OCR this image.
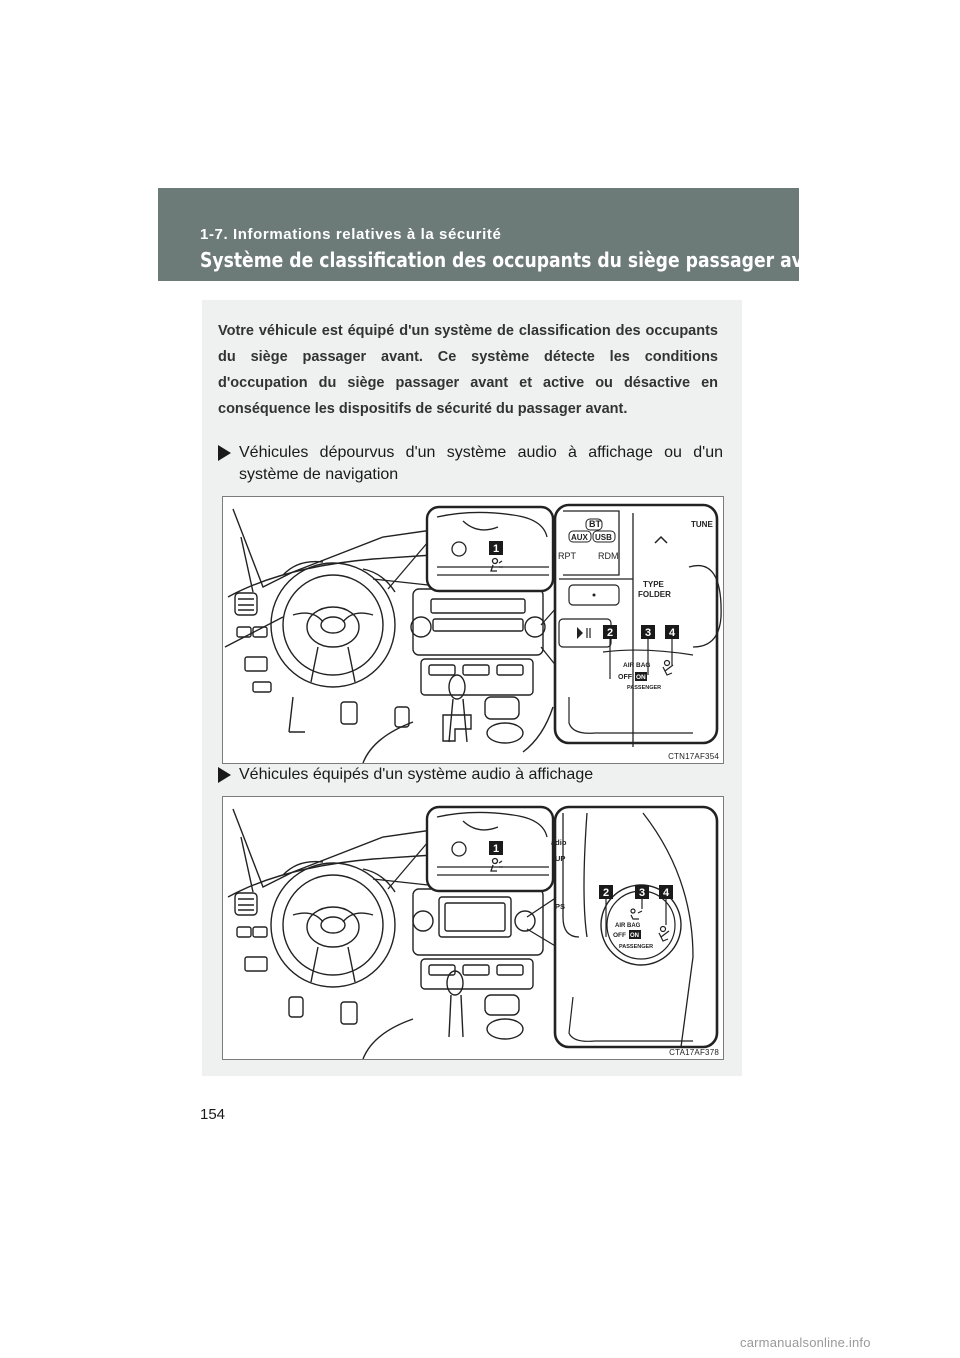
1-7. Informations relatives à la sécurité
Système de classification des occupants du siège passager avant

Votre véhicule est équipé d'un système de classification des occupants du siège passager avant. Ce système détecte les conditions d'occupation du siège passager avant et active ou désactive en conséquence les dispositifs de sécurité du passager avant.

Véhicules dépourvus d'un système audio à affichage ou d'un système de navigation
1
BT
AUX USB
RPT RDM
TUNE
TYPE
FOLDER
2	3 4
AIR BAG
OFF ON
PASSENGER
CTN17AF354
Véhicules équipés d'un système audio à affichage
1
adio
UP
PS
2	3 4
AIR BAG
OFF ON
PASSENGER
CTA17AF378
154
carmanualsonline.info
